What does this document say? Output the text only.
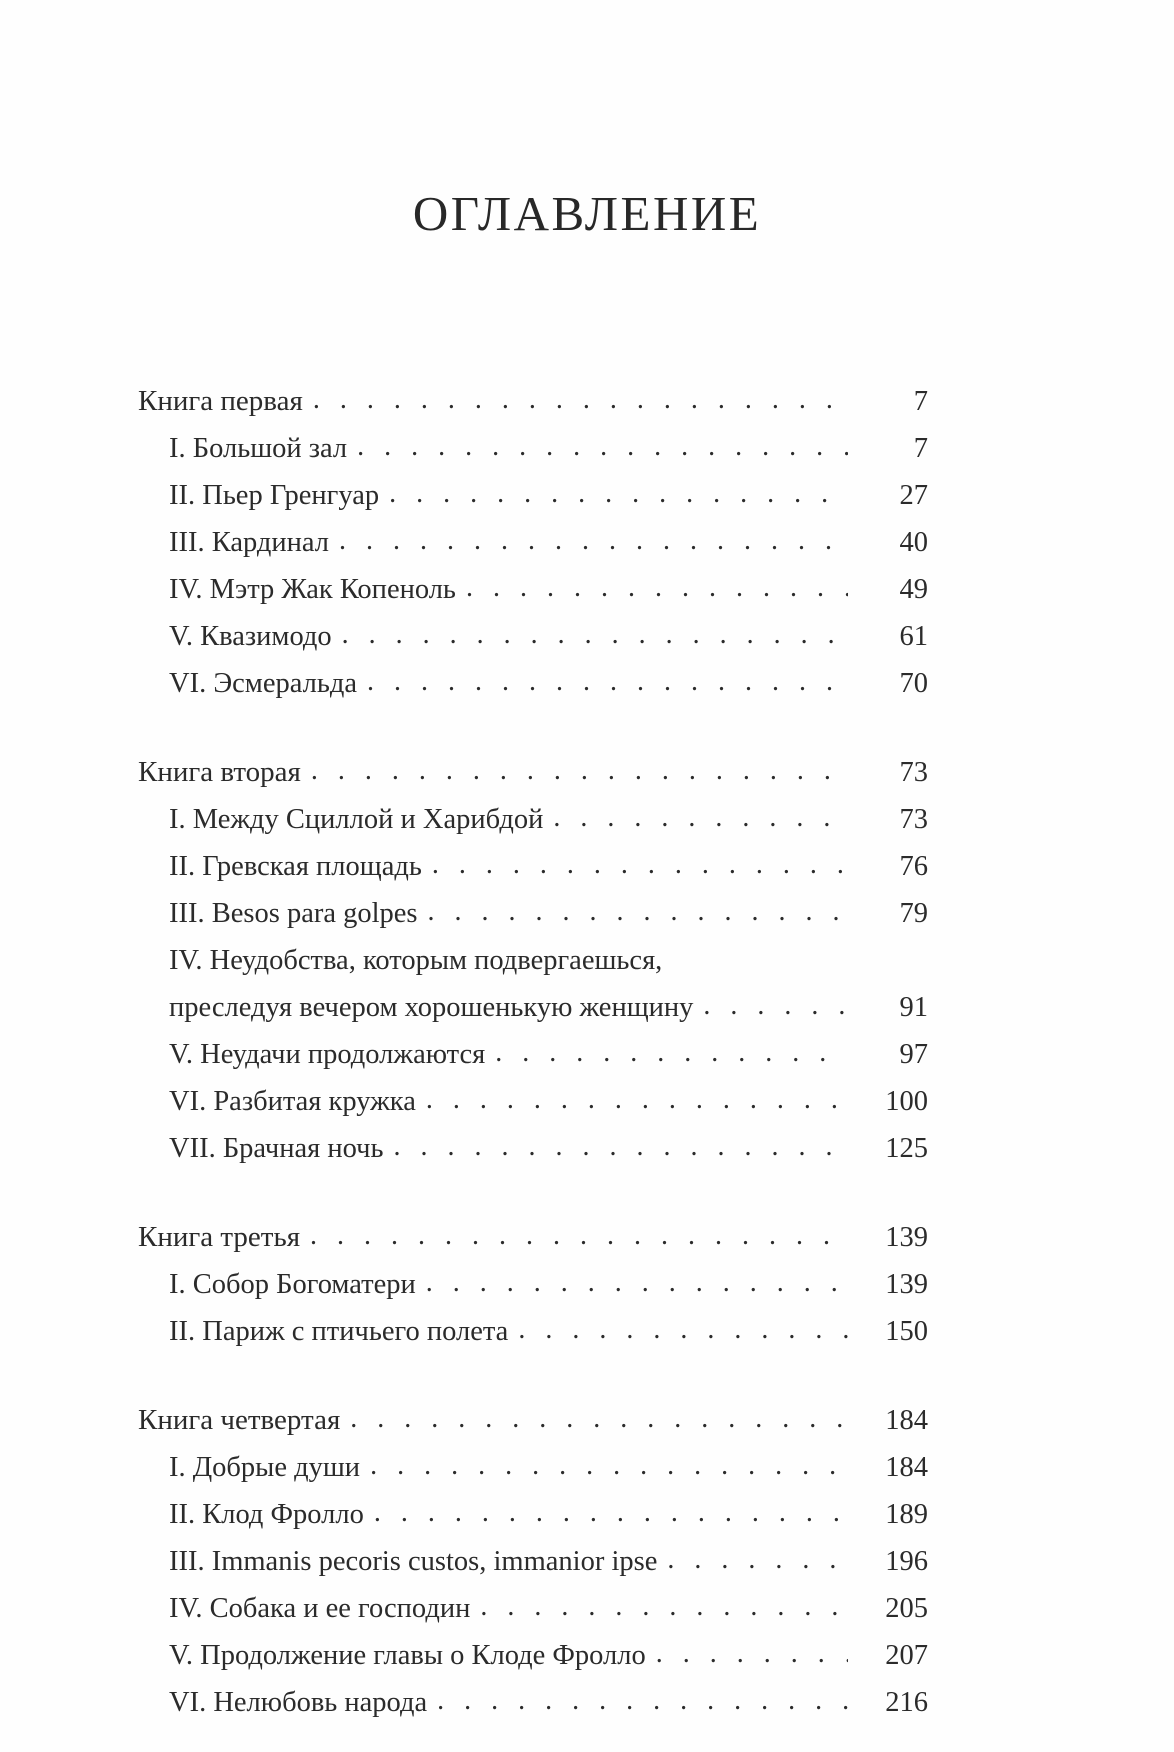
ОГЛАВЛЕНИЕ
Книга первая . . .	7
I. Большой зал . . .	7
II. Пьер Гренгуар . . .	27
III. Кардинал . . .	40
IV. Мэтр Жак Копеноль . . .	49
V. Квазимодо . . .	61
VI. Эсмеральда . . .	70
Книга вторая . . .	73
I. Между Сциллой и Харибдой . . .	73
II. Гревская площадь . . .	76
III. Besos para golpes . . .	79
IV. Неудобства, которым подвергаешься,
преследуя вечером хорошенькую женщину . . .	91
V. Неудачи продолжаются . . .	97
VI. Разбитая кружка . . .	100
VII. Брачная ночь . . .	125
Книга третья . . .	139
I. Собор Богоматери . . .	139
II. Париж с птичьего полета . . .	150
Книга четвертая . . .	184
I. Добрые души . . .	184
II. Клод Фролло . . .	189
III. Immanis pecoris custos, immanior ipse . . .	196
IV. Собака и ее господин . . .	205
V. Продолжение главы о Клоде Фролло . . .	207
VI. Нелюбовь народа . . .	216
